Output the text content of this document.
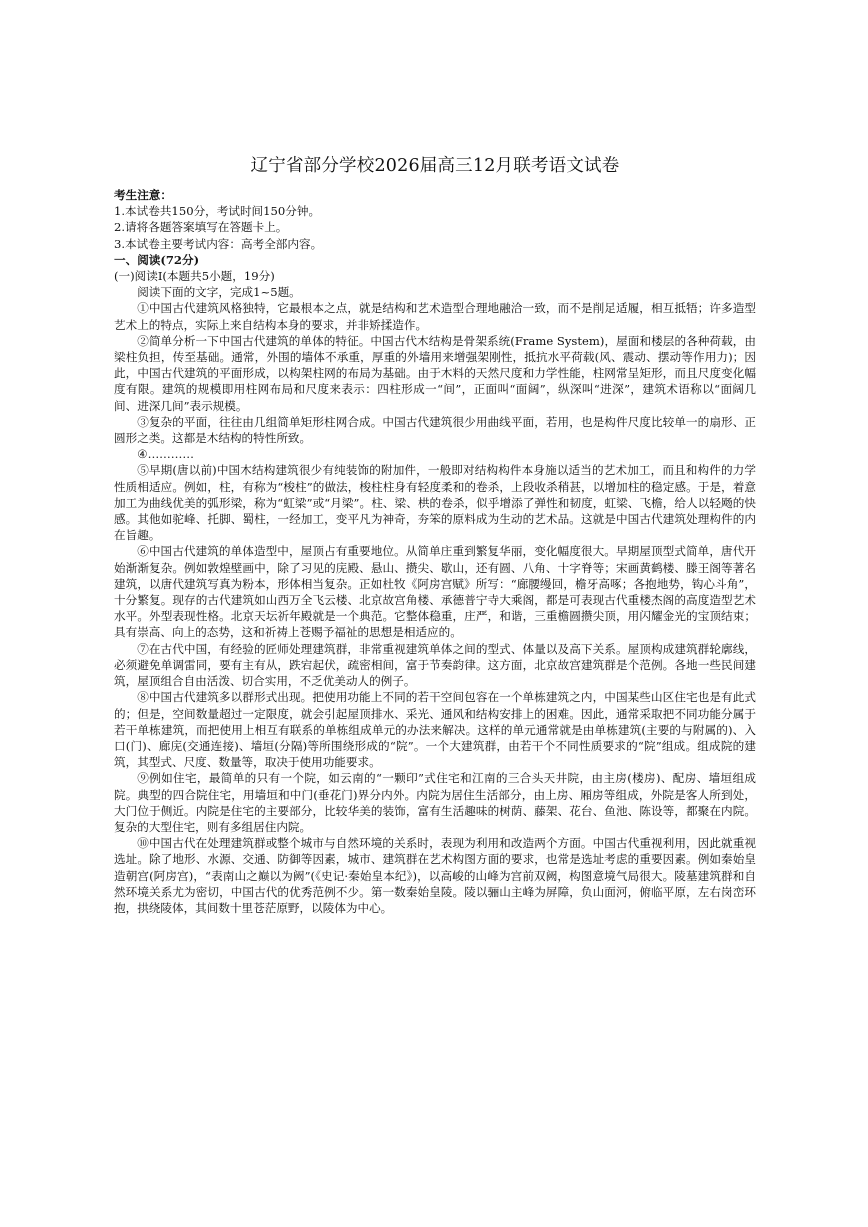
辽宁省部分学校2026届高三12月联考语文试卷
考生注意：
1.本试卷共150分，考试时间150分钟。
2.请将各题答案填写在答题卡上。
3.本试卷主要考试内容：高考全部内容。
一、阅读(72分)
(一)阅读Ⅰ(本题共5小题，19分)

阅读下面的文字，完成1~5题。

①中国古代建筑风格独特，它最根本之点，就是结构和艺术造型合理地融洽一致，而不是削足适履，相互抵牾；许多造型艺术上的特点，实际上来自结构本身的要求，并非矫揉造作。

②简单分析一下中国古代建筑的单体的特征。中国古代木结构是骨架系统(Frame System)，屋面和楼层的各种荷载，由梁柱负担，传至基础。通常，外围的墙体不承重，厚重的外墙用来增强架刚性，抵抗水平荷载(风、震动、摆动等作用力)；因此，中国古代建筑的平面形成，以构架柱网的布局为基础。由于木料的天然尺度和力学性能，柱网常呈矩形，而且尺度变化幅度有限。建筑的规模即用柱网布局和尺度来表示：四柱形成一“间”，正面叫“面阔”，纵深叫“进深”，建筑术语称以“面阔几间、进深几间”表示规模。

③复杂的平面，往往由几组简单矩形柱网合成。中国古代建筑很少用曲线平面，若用，也是构件尺度比较单一的扇形、正圆形之类。这都是木结构的特性所致。

④…………

⑤早期(唐以前)中国木结构建筑很少有纯装饰的附加件，一般即对结构构件本身施以适当的艺术加工，而且和构件的力学性质相适应。例如，柱，有称为“梭柱”的做法，梭柱柱身有轻度柔和的卷杀，上段收杀稍甚，以增加柱的稳定感。于是，着意加工为曲线优美的弧形梁，称为“虹梁”或“月梁”。柱、梁、栱的卷杀，似乎增添了弹性和韧度，虹梁、飞檐，给人以轻飏的快感。其他如驼峰、托脚、蜀柱，一经加工，变平凡为神奇，夯笨的原料成为生动的艺术品。这就是中国古代建筑处理构件的内在旨趣。

⑥中国古代建筑的单体造型中，屋顶占有重要地位。从简单庄重到繁复华丽，变化幅度很大。早期屋顶型式简单，唐代开始渐渐复杂。例如敦煌壁画中，除了习见的庑殿、悬山、攒尖、歇山，还有圆、八角、十字脊等；宋画黄鹤楼、滕王阁等著名建筑，以唐代建筑写真为粉本，形体相当复杂。正如杜牧《阿房宫赋》所写：“廊腰缦回，檐牙高啄；各抱地势，钩心斗角”，十分繁复。现存的古代建筑如山西万全飞云楼、北京故宫角楼、承德普宁寺大乘阁，都是可表现古代重楼杰阁的高度造型艺术水平。外型表现性格。北京天坛祈年殿就是一个典范。它整体稳重，庄严，和谐，三重檐圆攒尖顶，用闪耀金光的宝顶结束；具有崇高、向上的态势，这和祈祷上苍赐予福祉的思想是相适应的。

⑦在古代中国，有经验的匠师处理建筑群，非常重视建筑单体之间的型式、体量以及高下关系。屋顶构成建筑群轮廓线，必须避免单调雷同，要有主有从，跌宕起伏，疏密相间，富于节奏韵律。这方面，北京故宫建筑群是个范例。各地一些民间建筑，屋顶组合自由活泼、切合实用，不乏优美动人的例子。

⑧中国古代建筑多以群形式出现。把使用功能上不同的若干空间包容在一个单栋建筑之内，中国某些山区住宅也是有此式的；但是，空间数量超过一定限度，就会引起屋顶排水、采光、通风和结构安排上的困难。因此，通常采取把不同功能分属于若干单栋建筑，而把使用上相互有联系的单栋组成单元的办法来解决。这样的单元通常就是由单栋建筑(主要的与附属的)、入口(门)、廊庑(交通连接)、墙垣(分隔)等所围绕形成的“院”。一个大建筑群，由若干个不同性质要求的“院”组成。组成院的建筑，其型式、尺度、数量等，取决于使用功能要求。

⑨例如住宅，最简单的只有一个院，如云南的“一颗印”式住宅和江南的三合头天井院，由主房(楼房)、配房、墙垣组成院。典型的四合院住宅，用墙垣和中门(垂花门)界分内外。内院为居住生活部分，由上房、厢房等组成，外院是客人所到处，大门位于侧近。内院是住宅的主要部分，比较华美的装饰，富有生活趣味的树荫、藤架、花台、鱼池、陈设等，都聚在内院。复杂的大型住宅，则有多组居住内院。

⑩中国古代在处理建筑群或整个城市与自然环境的关系时，表现为利用和改造两个方面。中国古代重视利用，因此就重视选址。除了地形、水源、交通、防御等因素，城市、建筑群在艺术构图方面的要求，也常是选址考虑的重要因素。例如秦始皇造朝宫(阿房宫)，“表南山之巅以为阙”(《史记·秦始皇本纪》)，以高峻的山峰为宫前双阙，构图意境气局很大。陵墓建筑群和自然环境关系尤为密切，中国古代的优秀范例不少。第一数秦始皇陵。陵以骊山主峰为屏障，负山面河，俯临平原，左右岗峦环抱，拱绕陵体，其间数十里苍茫原野，以陵体为中心。
